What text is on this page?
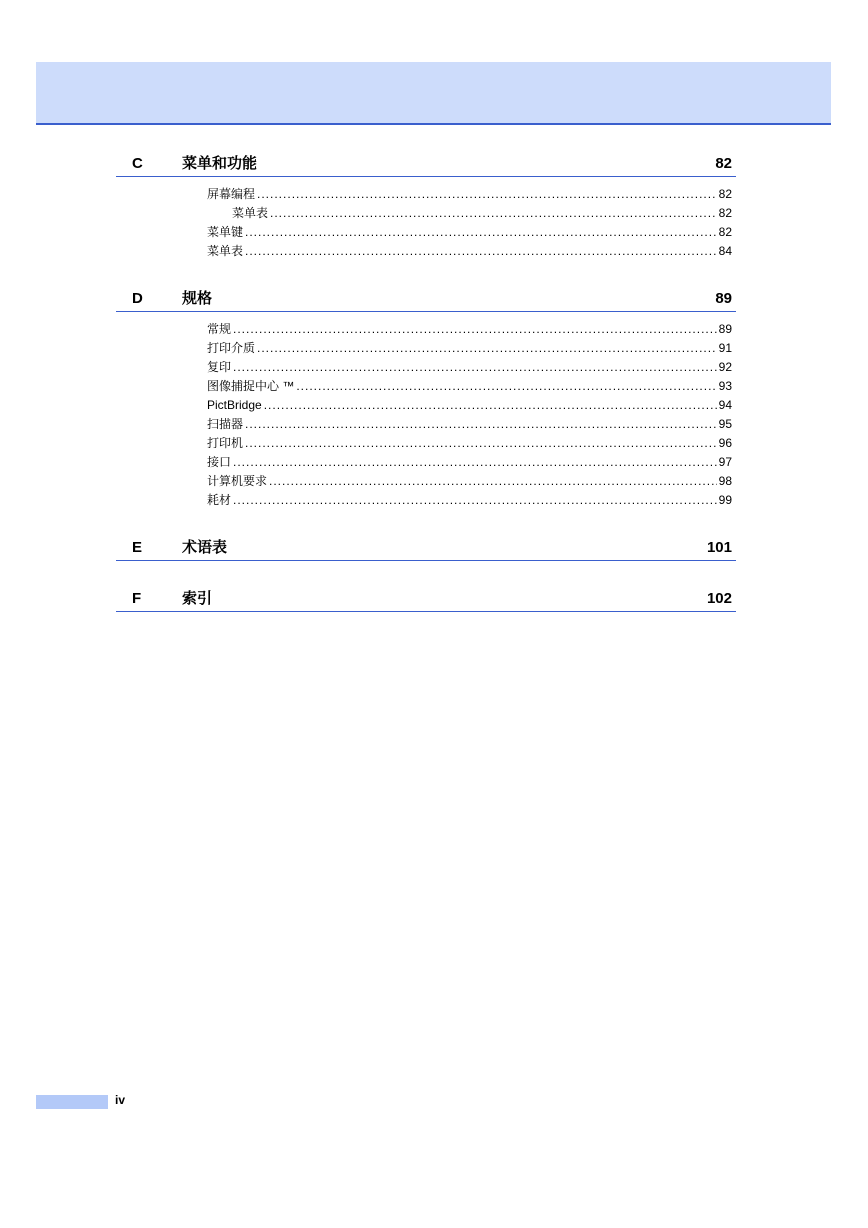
C	菜单和功能	82
屏幕编程 .....	82
菜单表 .....	82
菜单键 .....	82
菜单表 .....	84
D	规格	89
常规 .....	89
打印介质 .....	91
复印 .....	92
图像捕捉中心 ™ .....	93
PictBridge .....	94
扫描器 .....	95
打印机 .....	96
接口 .....	97
计算机要求 .....	98
耗材 .....	99
E	术语表	101
F	索引	102
iv
